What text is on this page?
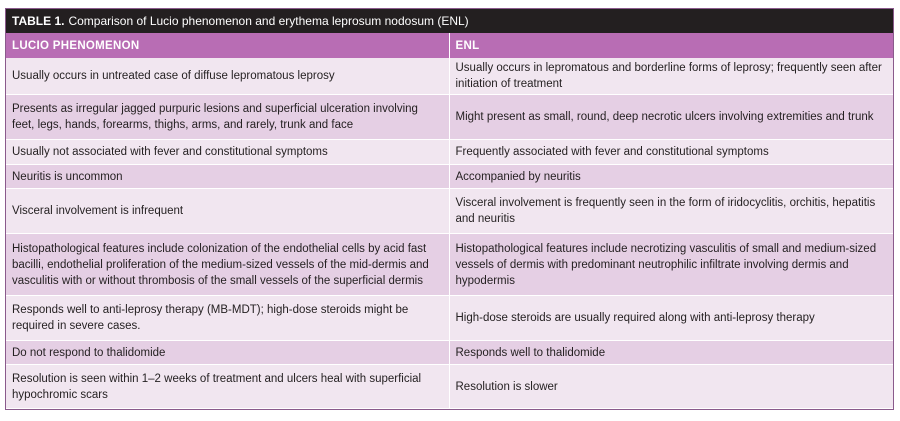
TABLE 1. Comparison of Lucio phenomenon and erythema leprosum nodosum (ENL)
LUCIO PHENOMENON	ENL
Usually occurs in untreated case of diffuse lepromatous leprosy	Usually occurs in lepromatous and borderline forms of leprosy; frequently seen after initiation of treatment
Presents as irregular jagged purpuric lesions and superficial ulceration involving feet, legs, hands, forearms, thighs, arms, and rarely, trunk and face	Might present as small, round, deep necrotic ulcers involving extremities and trunk
Usually not associated with fever and constitutional symptoms	Frequently associated with fever and constitutional symptoms
Neuritis is uncommon	Accompanied by neuritis
Visceral involvement is infrequent	Visceral involvement is frequently seen in the form of iridocyclitis, orchitis, hepatitis and neuritis
Histopathological features include colonization of the endothelial cells by acid fast bacilli, endothelial proliferation of the medium-sized vessels of the mid-dermis and vasculitis with or without thrombosis of the small vessels of the superficial dermis	Histopathological features include necrotizing vasculitis of small and medium-sized vessels of dermis with predominant neutrophilic infiltrate involving dermis and hypodermis
Responds well to anti-leprosy therapy (MB-MDT); high-dose steroids might be required in severe cases.	High-dose steroids are usually required along with anti-leprosy therapy
Do not respond to thalidomide	Responds well to thalidomide
Resolution is seen within 1–2 weeks of treatment and ulcers heal with superficial hypochromic scars	Resolution is slower
